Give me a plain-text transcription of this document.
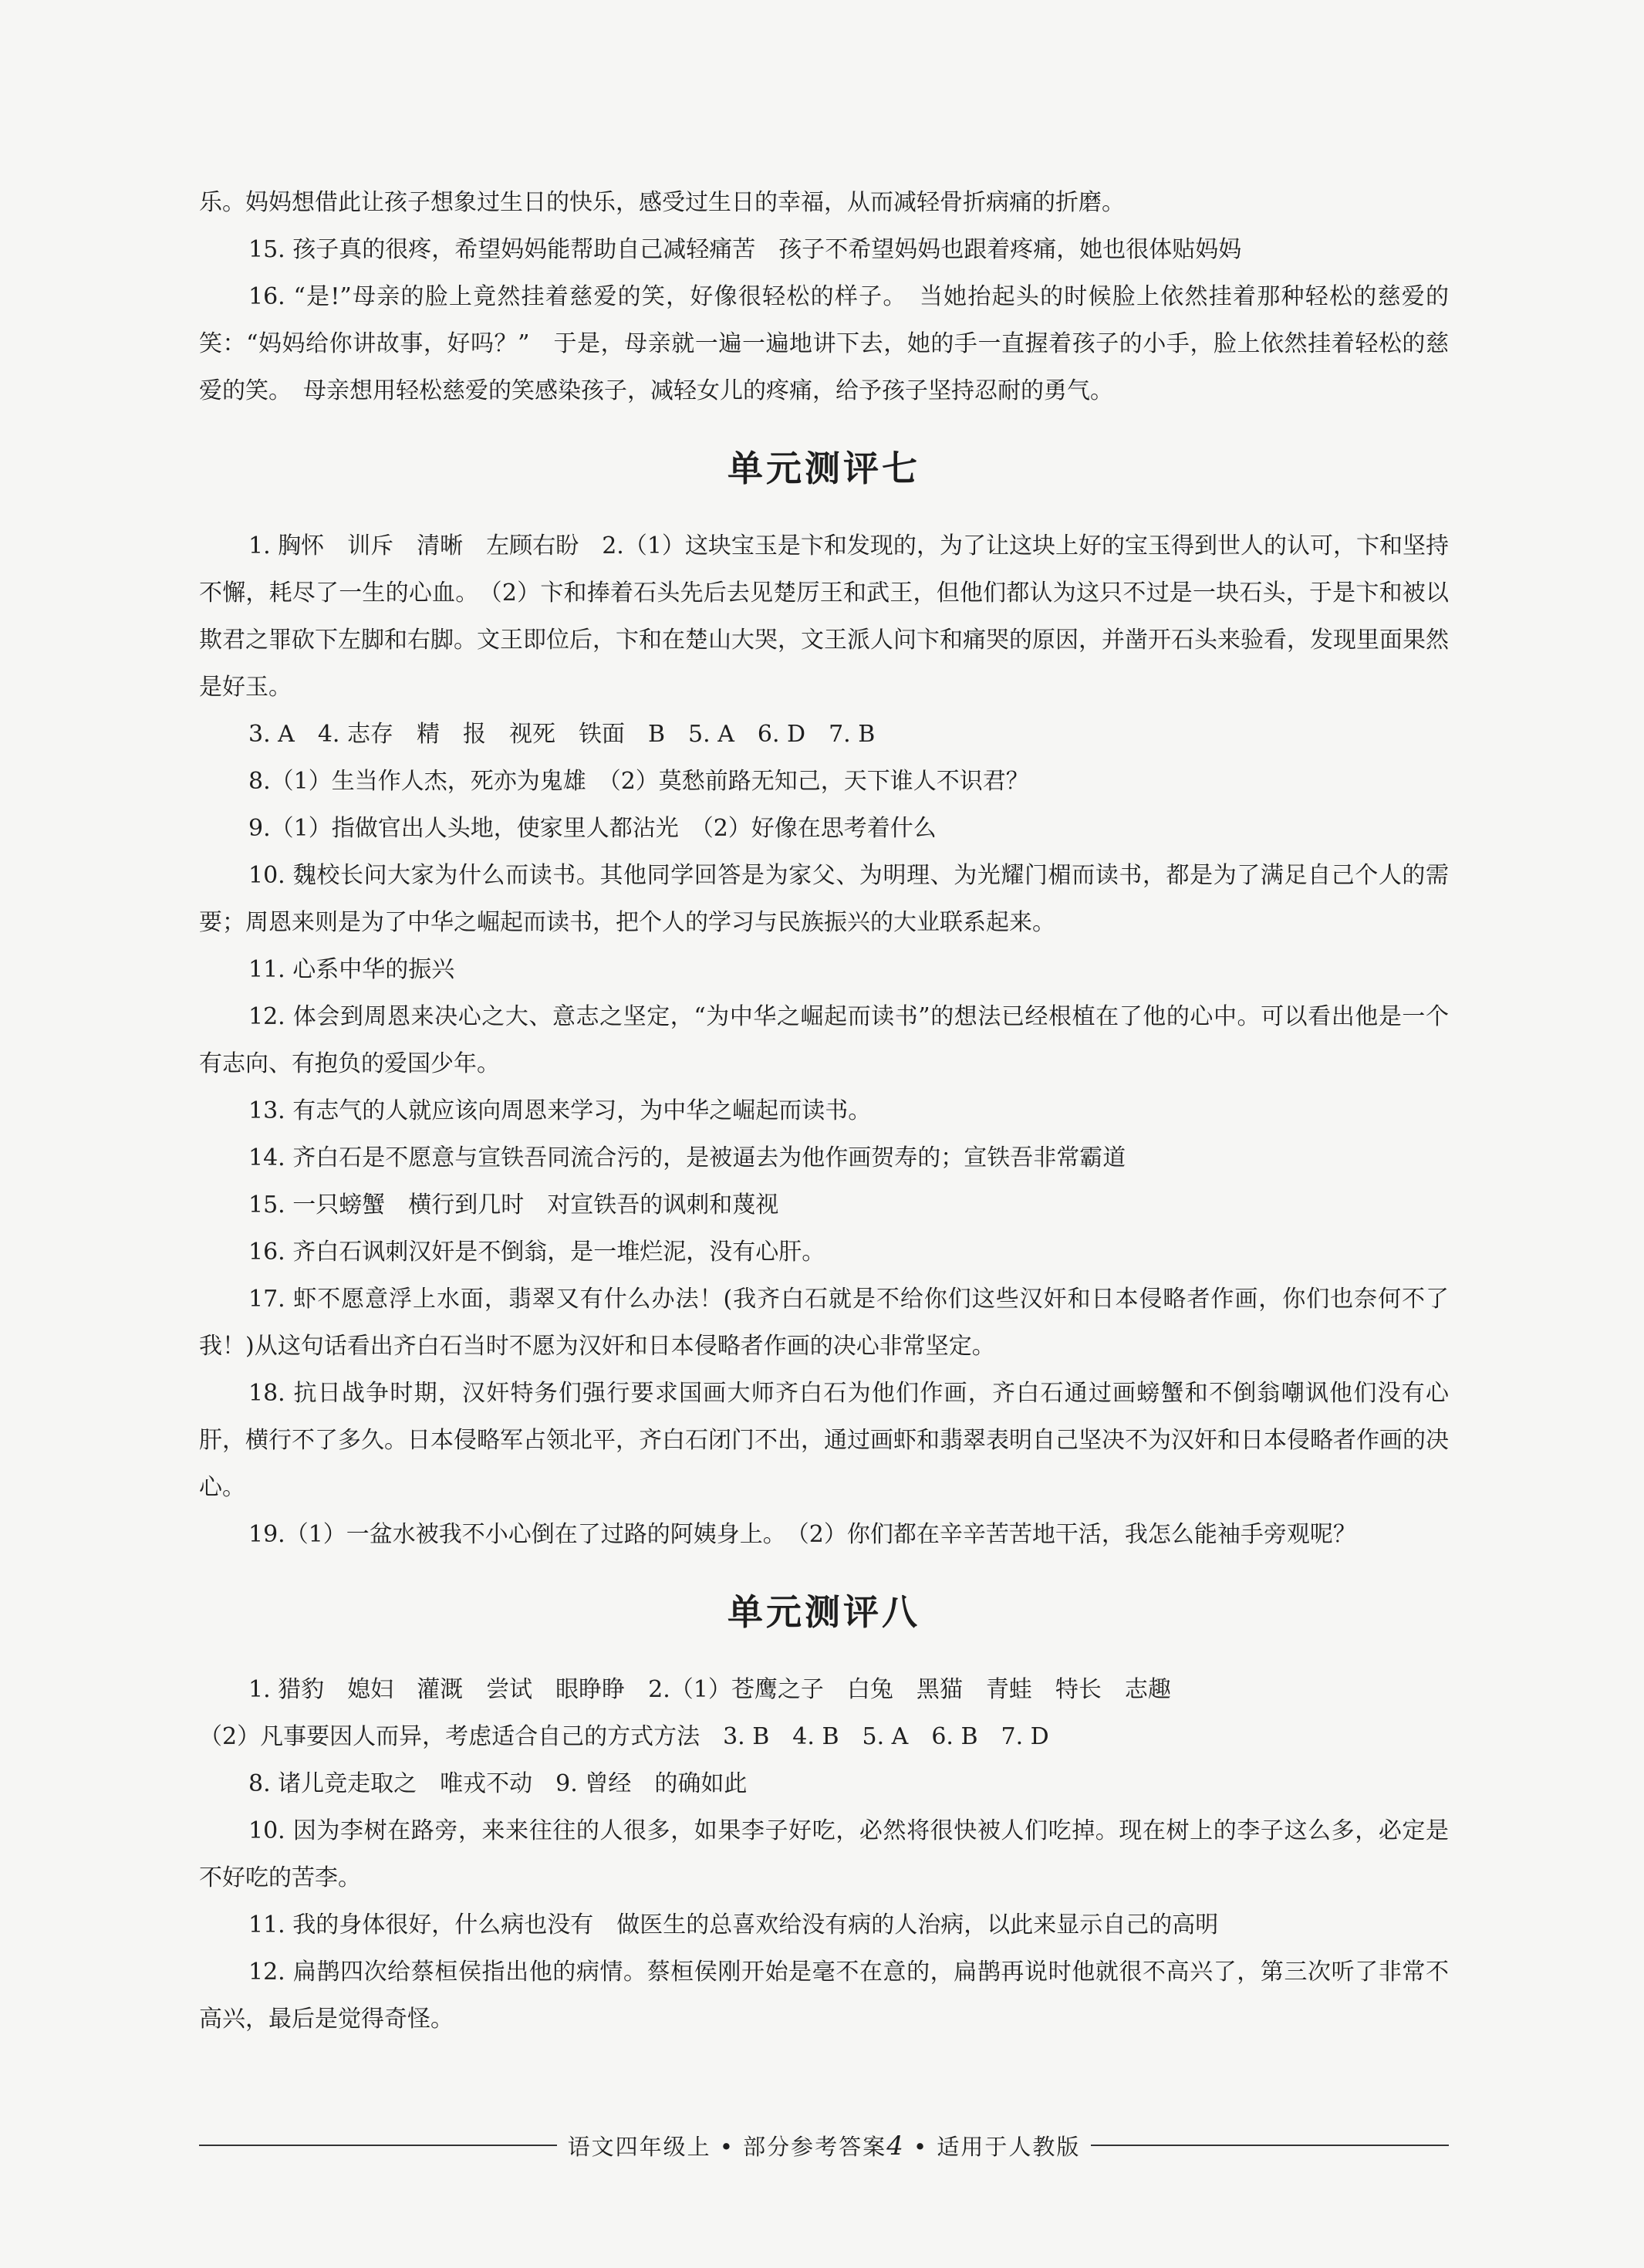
乐。妈妈想借此让孩子想象过生日的快乐，感受过生日的幸福，从而减轻骨折病痛的折磨。

15. 孩子真的很疼，希望妈妈能帮助自己减轻痛苦　孩子不希望妈妈也跟着疼痛，她也很体贴妈妈

16. “是!”母亲的脸上竟然挂着慈爱的笑，好像很轻松的样子。　当她抬起头的时候脸上依然挂着那种轻松的慈爱的笑：“妈妈给你讲故事，好吗？”　于是，母亲就一遍一遍地讲下去，她的手一直握着孩子的小手，脸上依然挂着轻松的慈爱的笑。　母亲想用轻松慈爱的笑感染孩子，减轻女儿的疼痛，给予孩子坚持忍耐的勇气。

单元测评七

1. 胸怀　训斥　清晰　左顾右盼　2.（1）这块宝玉是卞和发现的，为了让这块上好的宝玉得到世人的认可，卞和坚持不懈，耗尽了一生的心血。　（2）卞和捧着石头先后去见楚厉王和武王，但他们都认为这只不过是一块石头，于是卞和被以欺君之罪砍下左脚和右脚。文王即位后，卞和在楚山大哭，文王派人问卞和痛哭的原因，并凿开石头来验看，发现里面果然是好玉。

3. A　4. 志存　精　报　视死　铁面　B　5. A　6. D　7. B

8.（1）生当作人杰，死亦为鬼雄　（2）莫愁前路无知己，天下谁人不识君？

9.（1）指做官出人头地，使家里人都沾光　（2）好像在思考着什么

10. 魏校长问大家为什么而读书。其他同学回答是为家父、为明理、为光耀门楣而读书，都是为了满足自己个人的需要；周恩来则是为了中华之崛起而读书，把个人的学习与民族振兴的大业联系起来。

11. 心系中华的振兴

12. 体会到周恩来决心之大、意志之坚定，“为中华之崛起而读书”的想法已经根植在了他的心中。可以看出他是一个有志向、有抱负的爱国少年。

13. 有志气的人就应该向周恩来学习，为中华之崛起而读书。

14. 齐白石是不愿意与宣铁吾同流合污的，是被逼去为他作画贺寿的；宣铁吾非常霸道

15. 一只螃蟹　横行到几时　对宣铁吾的讽刺和蔑视

16. 齐白石讽刺汉奸是不倒翁，是一堆烂泥，没有心肝。

17. 虾不愿意浮上水面，翡翠又有什么办法！(我齐白石就是不给你们这些汉奸和日本侵略者作画，你们也奈何不了我！)从这句话看出齐白石当时不愿为汉奸和日本侵略者作画的决心非常坚定。

18. 抗日战争时期，汉奸特务们强行要求国画大师齐白石为他们作画，齐白石通过画螃蟹和不倒翁嘲讽他们没有心肝，横行不了多久。日本侵略军占领北平，齐白石闭门不出，通过画虾和翡翠表明自己坚决不为汉奸和日本侵略者作画的决心。

19.（1）一盆水被我不小心倒在了过路的阿姨身上。　（2）你们都在辛辛苦苦地干活，我怎么能袖手旁观呢？

单元测评八

1. 猎豹　媳妇　灌溉　尝试　眼睁睁　2.（1）苍鹰之子　白兔　黑猫　青蛙　特长　志趣

（2）凡事要因人而异，考虑适合自己的方式方法　3. B　4. B　5. A　6. B　7. D

8. 诸儿竞走取之　唯戎不动　9. 曾经　的确如此

10. 因为李树在路旁，来来往往的人很多，如果李子好吃，必然将很快被人们吃掉。现在树上的李子这么多，必定是不好吃的苦李。

11. 我的身体很好，什么病也没有　做医生的总喜欢给没有病的人治病，以此来显示自己的高明

12. 扁鹊四次给蔡桓侯指出他的病情。蔡桓侯刚开始是毫不在意的，扁鹊再说时他就很不高兴了，第三次听了非常不高兴，最后是觉得奇怪。

语文四年级上 • 部分参考答案4 • 适用于人教版
